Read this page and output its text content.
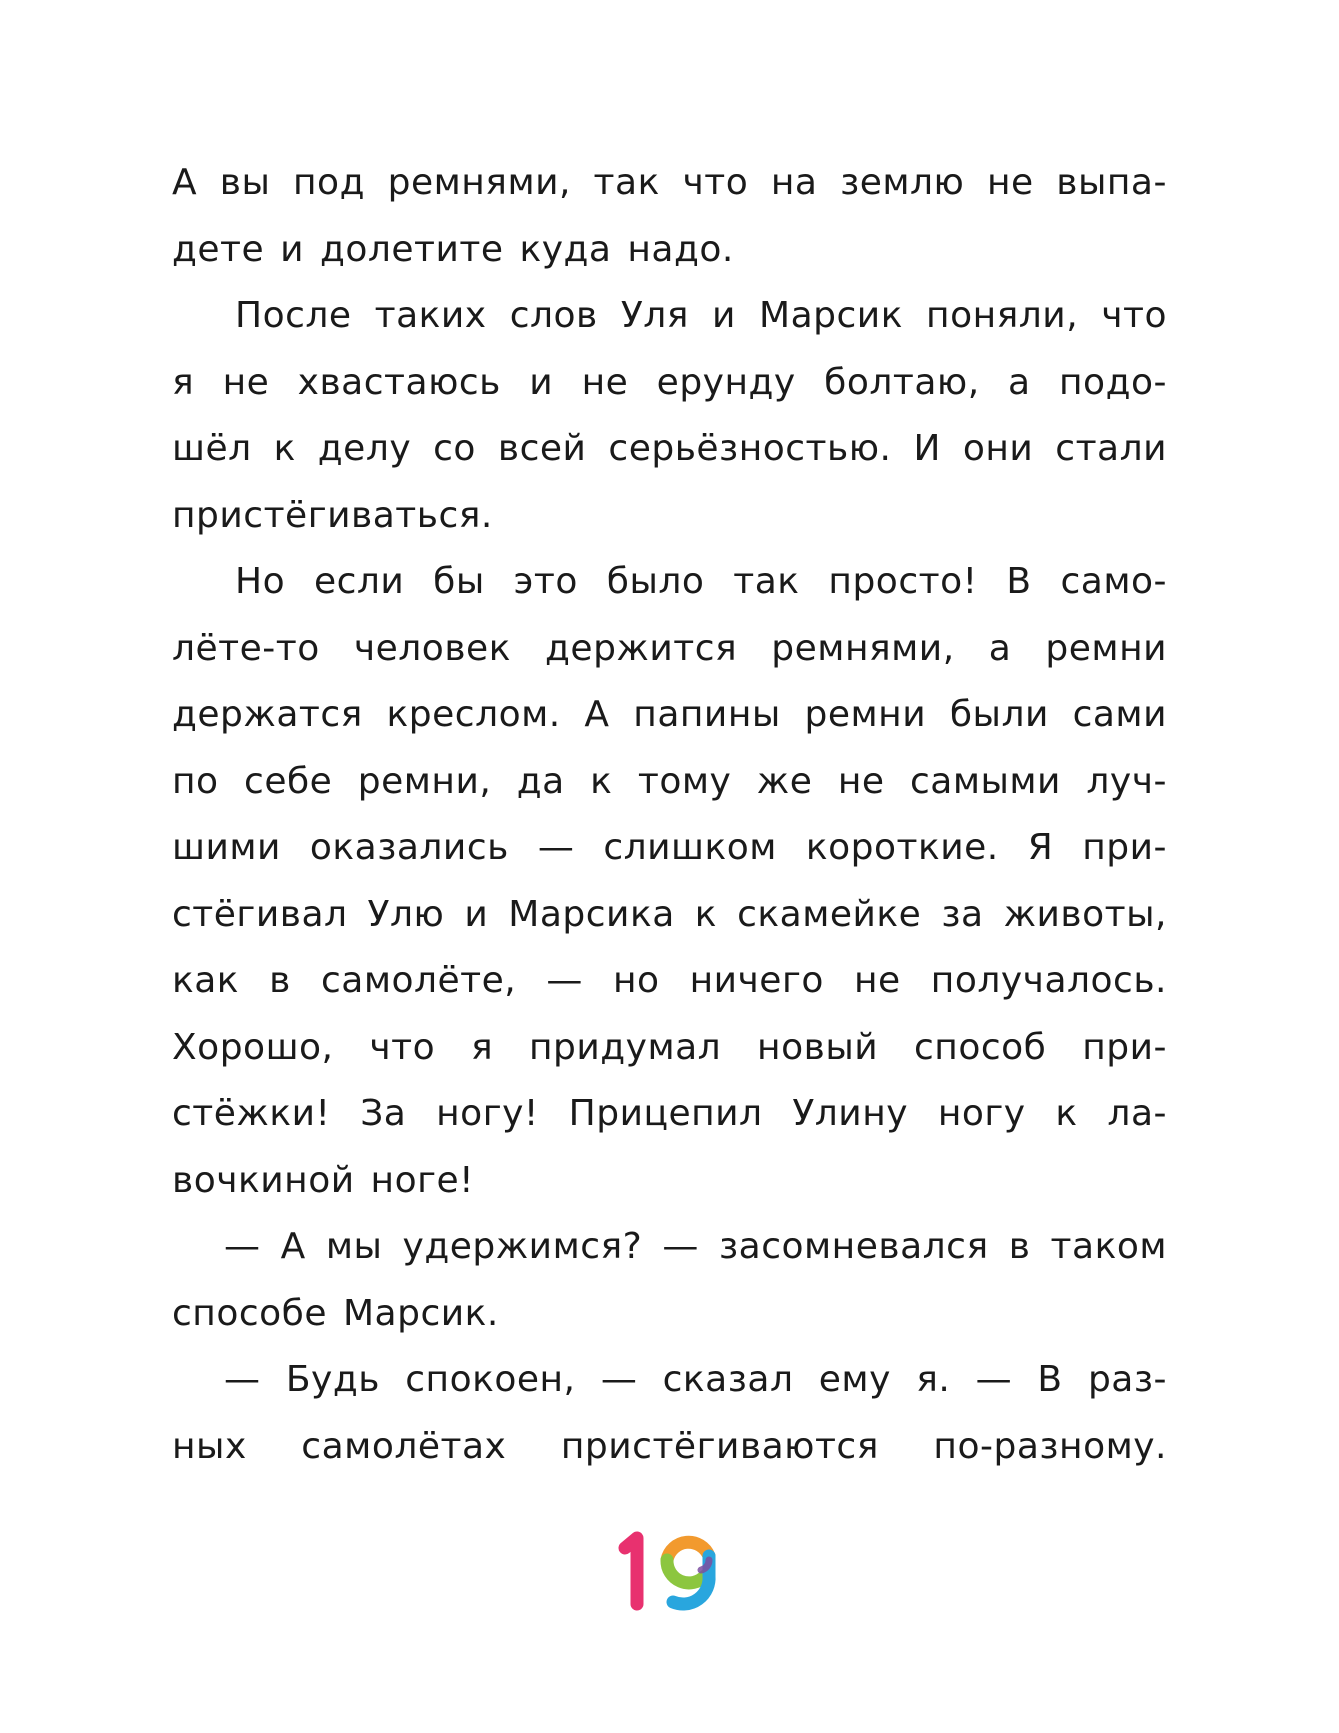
А вы под ремнями, так что на землю не выпа-
дете и долетите куда надо.
После таких слов Уля и Марсик поняли, что
я не хвастаюсь и не ерунду болтаю, а подо-
шёл к делу со всей серьёзностью. И они стали
пристёгиваться.
Но если бы это было так просто! В само-
лёте-то человек держится ремнями, а ремни
держатся креслом. А папины ремни были сами
по себе ремни, да к тому же не самыми луч-
шими оказались — слишком короткие. Я при-
стёгивал Улю и Марсика к скамейке за животы,
как в самолёте, — но ничего не получалось.
Хорошо, что я придумал новый способ при-
стёжки! За ногу! Прицепил Улину ногу к ла-
вочкиной ноге!
— А мы удержимся? — засомневался в таком
способе Марсик.
— Будь спокоен, — сказал ему я. — В раз-
ных самолётах пристёгиваются по-разному.
19
